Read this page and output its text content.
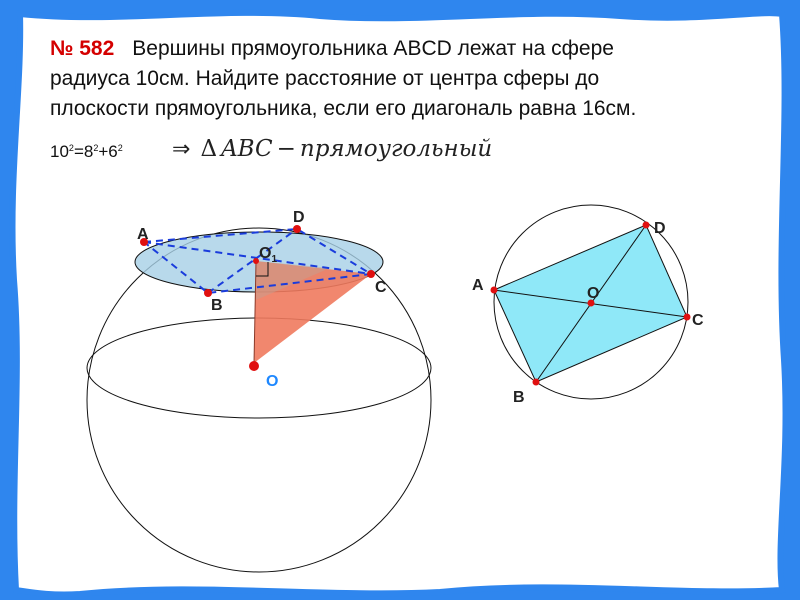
A
B
C
D
$O_1$
O
A
B
C
D
O

№ 582 Вершины прямоугольника ABCD лежат на сфере
радиуса 10см. Найдите расстояние от центра сферы до
плоскости прямоугольника, если его диагональ равна 16см.

$10^2=8^2+6^2$ ⇒ Δ ABC − прямоугольный
